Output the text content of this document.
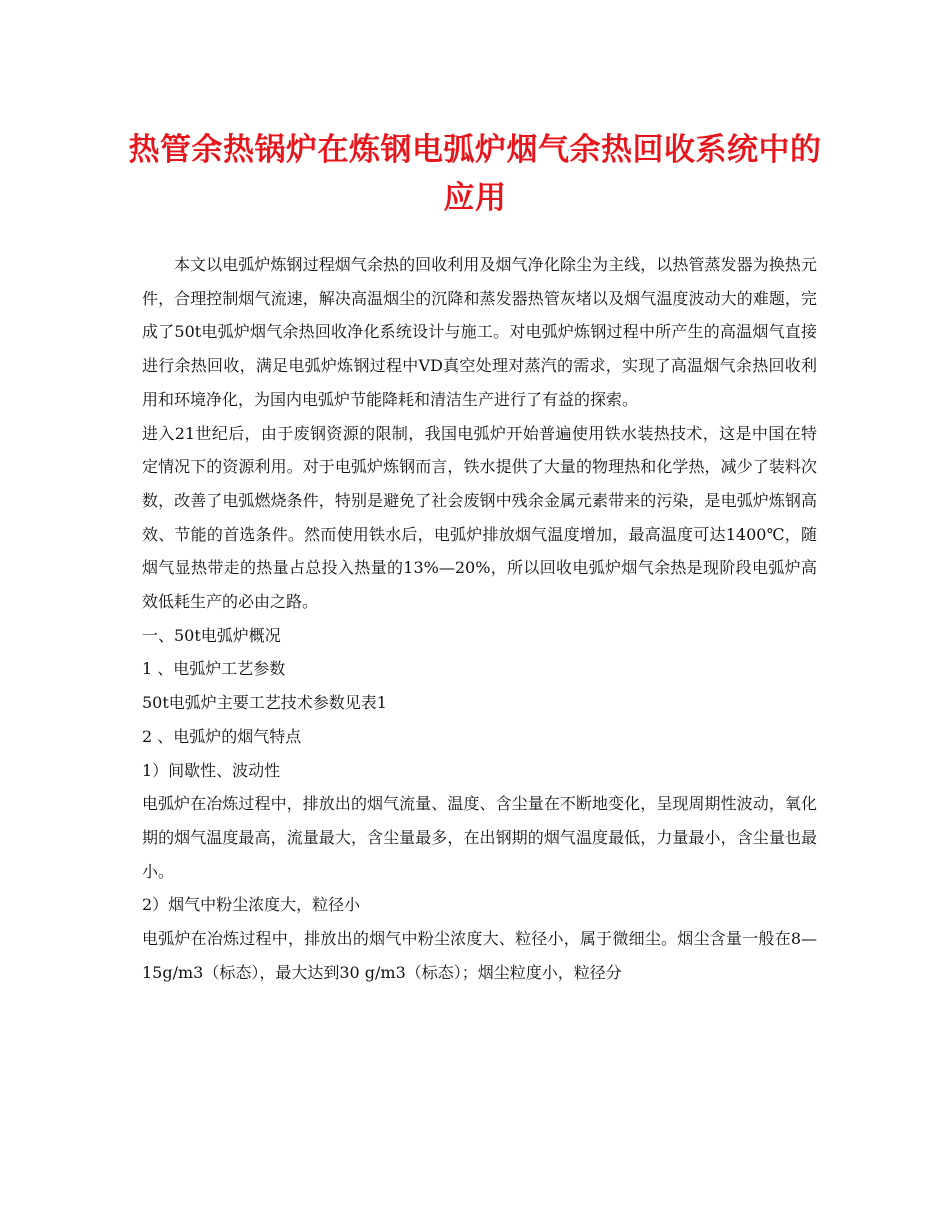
热管余热锅炉在炼钢电弧炉烟气余热回收系统中的应用

本文以电弧炉炼钢过程烟气余热的回收利用及烟气净化除尘为主线，以热管蒸发器为换热元件，合理控制烟气流速，解决高温烟尘的沉降和蒸发器热管灰堵以及烟气温度波动大的难题，完成了50t电弧炉烟气余热回收净化系统设计与施工。对电弧炉炼钢过程中所产生的高温烟气直接进行余热回收，满足电弧炉炼钢过程中VD真空处理对蒸汽的需求，实现了高温烟气余热回收利用和环境净化，为国内电弧炉节能降耗和清洁生产进行了有益的探索。

进入21世纪后，由于废钢资源的限制，我国电弧炉开始普遍使用铁水装热技术，这是中国在特定情况下的资源利用。对于电弧炉炼钢而言，铁水提供了大量的物理热和化学热，减少了装料次数，改善了电弧燃烧条件，特别是避免了社会废钢中残余金属元素带来的污染，是电弧炉炼钢高效、节能的首选条件。然而使用铁水后，电弧炉排放烟气温度增加，最高温度可达1400℃，随烟气显热带走的热量占总投入热量的13%—20%，所以回收电弧炉烟气余热是现阶段电弧炉高效低耗生产的必由之路。

一、50t电弧炉概况

1 、电弧炉工艺参数

50t电弧炉主要工艺技术参数见表1

2 、电弧炉的烟气特点

1）间歇性、波动性

电弧炉在冶炼过程中，排放出的烟气流量、温度、含尘量在不断地变化，呈现周期性波动，氧化期的烟气温度最高，流量最大，含尘量最多，在出钢期的烟气温度最低，力量最小，含尘量也最小。

2）烟气中粉尘浓度大，粒径小

电弧炉在冶炼过程中，排放出的烟气中粉尘浓度大、粒径小，属于微细尘。烟尘含量一般在8—15g/m3（标态），最大达到30 g/m3（标态）；烟尘粒度小，粒径分
